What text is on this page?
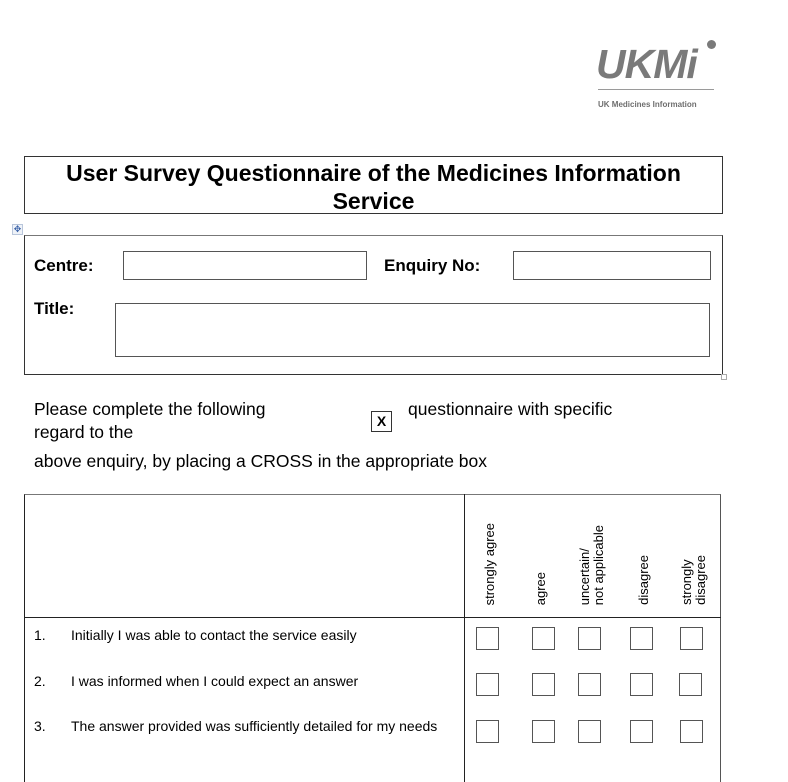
UKMi
UK Medicines Information
User Survey Questionnaire of the Medicines Information
Service
✥
Centre:	Enquiry No:
Title:
Please complete the following
X
questionnaire with specific
regard to the
above enquiry, by placing a CROSS in the appropriate box
strongly agree	agree uncertain/
not applicable disagree strongly
disagree
1. Initially I was able to contact the service easily
2. I was informed when I could expect an answer
3. The answer provided was sufficiently detailed for my needs
